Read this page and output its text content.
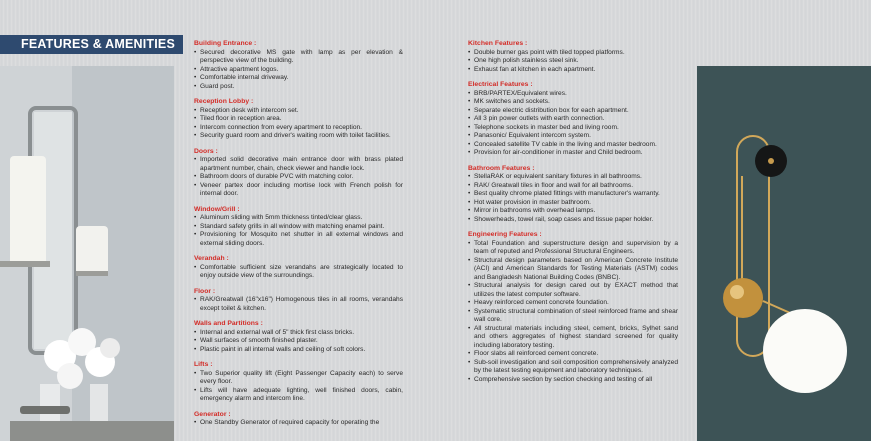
FEATURES & AMENITIES	Building Entrance :
• Secured decorative MS gate with lamp as per elevation & perspective view of the building.
• Attractive apartment logos.
• Comfortable internal driveway.
• Guard post.
Reception Lobby :
• Reception desk with intercom set.
• Tiled floor in reception area.
• Intercom connection from every apartment to reception.
• Security guard room and driver's waiting room with toilet facilities.
Doors :
• Imported solid decorative main entrance door with brass plated apartment number, chain, check viewer and handle lock.
• Bathroom doors of durable PVC with matching color.
• Veneer partex door including mortise lock with French polish for internal door.
Window/Grill :
• Aluminum sliding with 5mm thickness tinted/clear glass.
• Standard safety grills in all window with matching enamel paint.
• Provisioning for Mosquito net shutter in all external windows and external sliding doors.
Verandah :
• Comfortable sufficient size verandahs are strategically located to enjoy outside view of the surroundings.
Floor :
• RAK/Greatwall (16"x16") Homogenous tiles in all rooms, verandahs except toilet & kitchen.
Walls and Partitions :
• Internal and external wall of 5" thick first class bricks.
• Wall surfaces of smooth finished plaster.
• Plastic paint in all internal walls and ceiling of soft colors.
Lifts :
• Two Superior quality lift (Eight Passenger Capacity each) to serve every floor.
• Lifts will have adequate lighting, well finished doors, cabin, emergency alarm and intercom line.
Generator :
• One Standby Generator of required capacity for operating the
Kitchen Features :
• Double burner gas point with tiled topped platforms.
• One high polish stainless steel sink.
• Exhaust fan at kitchen in each apartment.
Electrical Features :
• BRB/PARTEX/Equivalent wires.
• MK switches and sockets.
• Separate electric distribution box for each apartment.
• All 3 pin power outlets with earth connection.
• Telephone sockets in master bed and living room.
• Panasonic/ Equivalent intercom system.
• Concealed satellite TV cable in the living and master bedroom.
• Provision for air-conditioner in master and Child bedroom.
Bathroom Features :
• StellaRAK or equivalent sanitary fixtures in all bathrooms.
• RAK/ Greatwall tiles in floor and wall for all bathrooms.
• Best quality chrome plated fittings with manufacturer's warranty.
• Hot water provision in master bathroom.
• Mirror in bathrooms with overhead lamps.
• Showerheads, towel rail, soap cases and tissue paper holder.
Engineering Features :
• Total Foundation and superstructure design and supervision by a team of reputed and Professional Structural Engineers.
• Structural design parameters based on American Concrete Institute (ACI) and American Standards for Testing Materials (ASTM) codes and Bangladesh National Building Codes (BNBC).
• Structural analysis for design cared out by EXACT method that utilizes the latest computer software.
• Heavy reinforced cement concrete foundation.
• Systematic structural combination of steel reinforced frame and shear wall core.
• All structural materials including steel, cement, bricks, Sylhet sand and others aggregates of highest standard screened for quality including laboratory testing.
• Floor slabs all reinforced cement concrete.
• Sub-soil investigation and soil composition comprehensively analyzed by the latest testing equipment and laboratory techniques.
• Comprehensive section by section checking and testing of all
